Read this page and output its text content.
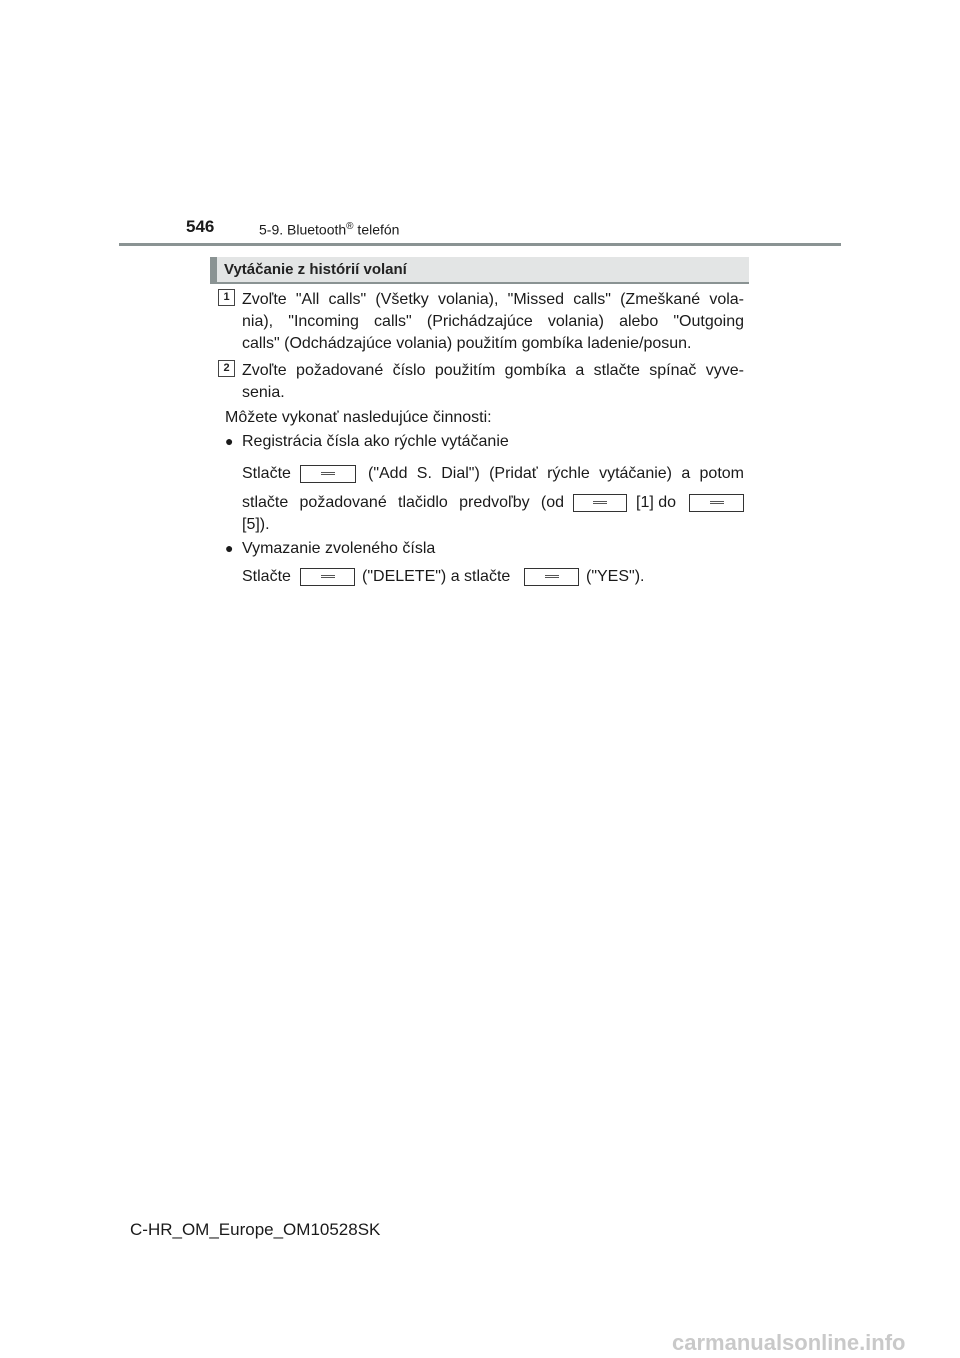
546	5-9. Bluetooth® telefón
Vytáčanie z histórií volaní
1 Zvoľte "All calls" (Všetky volania), "Missed calls" (Zmeškané vola-
nia), "Incoming calls" (Prichádzajúce volania) alebo "Outgoing
calls" (Odchádzajúce volania) použitím gombíka ladenie/posun.
2 Zvoľte požadované číslo použitím gombíka a stlačte spínač vyve-
senia.
Môžete vykonať nasledujúce činnosti:
● Registrácia čísla ako rýchle vytáčanie
Stlačte	("Add S. Dial") (Pridať rýchle vytáčanie) a potom
stlačte požadované tlačidlo predvoľby (od	[1] do
[5]).
● Vymazanie zvoleného čísla
Stlačte	("DELETE") a stlačte	("YES").
C-HR_OM_Europe_OM10528SK
carmanualsonline.info
